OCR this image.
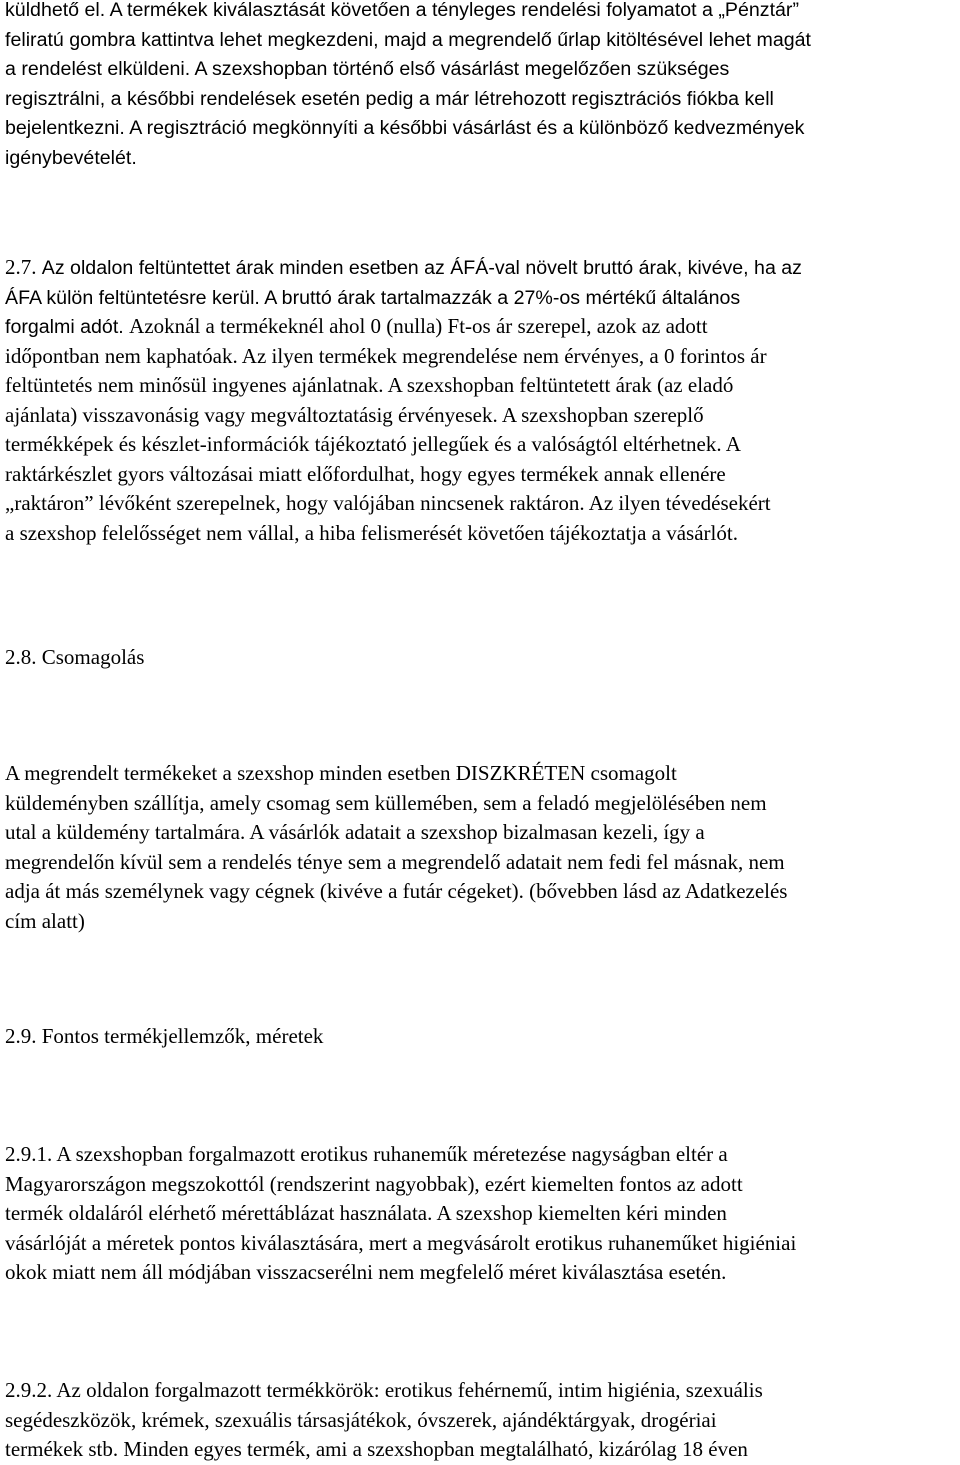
küldhető el. A termékek kiválasztását követően a tényleges rendelési folyamatot a „Pénztár”
feliratú gombra kattintva lehet megkezdeni, majd a megrendelő űrlap kitöltésével lehet magát
a rendelést elküldeni. A szexshopban történő első vásárlást megelőzően szükséges
regisztrálni, a későbbi rendelések esetén pedig a már létrehozott regisztrációs fiókba kell
bejelentkezni. A regisztráció megkönnyíti a későbbi vásárlást és a különböző kedvezmények
igénybevételét.
2.7. Az oldalon feltüntettet árak minden esetben az ÁFÁ-val növelt bruttó árak, kivéve, ha az
ÁFA külön feltüntetésre kerül. A bruttó árak tartalmazzák a 27%-os mértékű általános
forgalmi adót. Azoknál a termékeknél ahol 0 (nulla) Ft-os ár szerepel, azok az adott
időpontban nem kaphatóak. Az ilyen termékek megrendelése nem érvényes, a 0 forintos ár
feltüntetés nem minősül ingyenes ajánlatnak. A szexshopban feltüntetett árak (az eladó
ajánlata) visszavonásig vagy megváltoztatásig érvényesek. A szexshopban szereplő
termékképek és készlet-információk tájékoztató jellegűek és a valóságtól eltérhetnek. A
raktárkészlet gyors változásai miatt előfordulhat, hogy egyes termékek annak ellenére
„raktáron” lévőként szerepelnek, hogy valójában nincsenek raktáron. Az ilyen tévedésekért
a szexshop felelősséget nem vállal, a hiba felismerését követően tájékoztatja a vásárlót.
2.8. Csomagolás
A megrendelt termékeket a szexshop minden esetben DISZKRÉTEN csomagolt
küldeményben szállítja, amely csomag sem küllemében, sem a feladó megjelölésében nem
utal a küldemény tartalmára. A vásárlók adatait a szexshop bizalmasan kezeli, így a
megrendelőn kívül sem a rendelés ténye sem a megrendelő adatait nem fedi fel másnak, nem
adja át más személynek vagy cégnek (kivéve a futár cégeket). (bővebben lásd az Adatkezelés
cím alatt)
2.9. Fontos termékjellemzők, méretek
2.9.1. A szexshopban forgalmazott erotikus ruhaneműk méretezése nagyságban eltér a
Magyarországon megszokottól (rendszerint nagyobbak), ezért kiemelten fontos az adott
termék oldaláról elérhető mérettáblázat használata. A szexshop kiemelten kéri minden
vásárlóját a méretek pontos kiválasztására, mert a megvásárolt erotikus ruhaneműket higiéniai
okok miatt nem áll módjában visszacserélni nem megfelelő méret kiválasztása esetén.
2.9.2. Az oldalon forgalmazott termékkörök: erotikus fehérnemű, intim higiénia, szexuális
segédeszközök, krémek, szexuális társasjátékok, óvszerek, ajándéktárgyak, drogériai
termékek stb. Minden egyes termék, ami a szexshopban megtalálható, kizárólag 18 éven
